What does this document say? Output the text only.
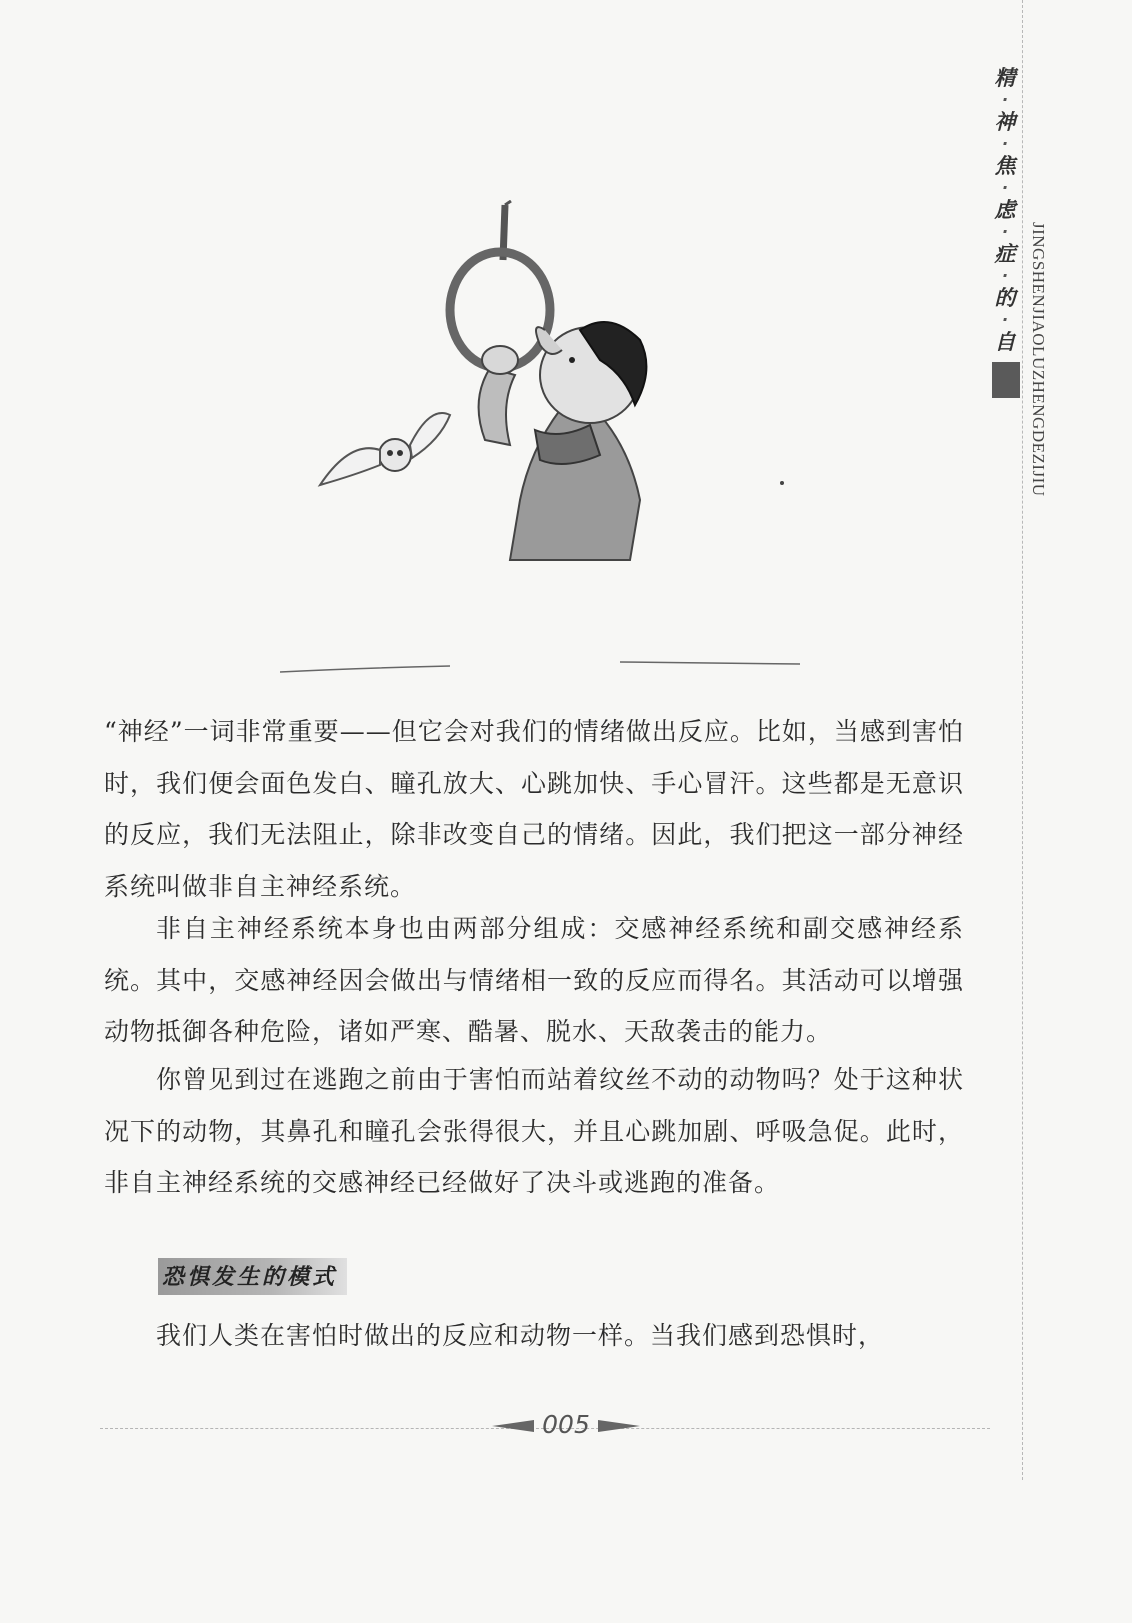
精
·
神
·
焦
·
虑
·
症
·
的
·
自 JINGSHENJIAOLUZHENGDEZIJIU

“神经”一词非常重要——但它会对我们的情绪做出反应。比如，当感到害怕时，我们便会面色发白、瞳孔放大、心跳加快、手心冒汗。这些都是无意识的反应，我们无法阻止，除非改变自己的情绪。因此，我们把这一部分神经系统叫做非自主神经系统。

非自主神经系统本身也由两部分组成：交感神经系统和副交感神经系统。其中，交感神经因会做出与情绪相一致的反应而得名。其活动可以增强动物抵御各种危险，诸如严寒、酷暑、脱水、天敌袭击的能力。

你曾见到过在逃跑之前由于害怕而站着纹丝不动的动物吗？处于这种状况下的动物，其鼻孔和瞳孔会张得很大，并且心跳加剧、呼吸急促。此时，非自主神经系统的交感神经已经做好了决斗或逃跑的准备。

恐惧发生的模式

我们人类在害怕时做出的反应和动物一样。当我们感到恐惧时，

005
